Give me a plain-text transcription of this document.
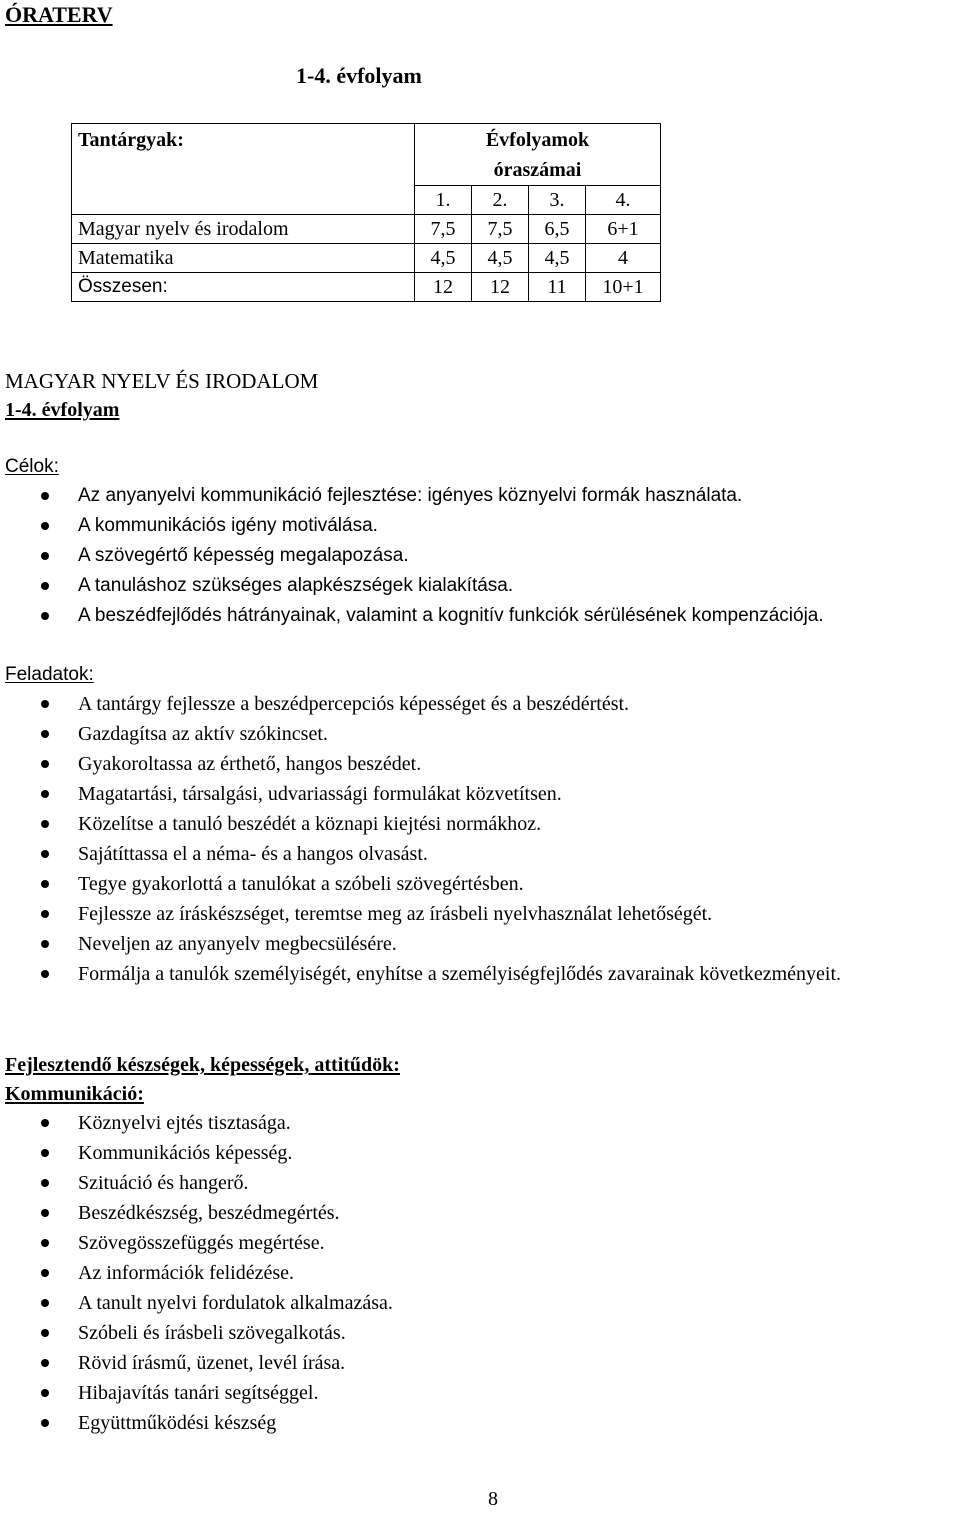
ÓRATERV
1-4. évfolyam
Tantárgyak:	Évfolyamok óraszámai			

	1.	2.	3.	4.
Magyar nyelv és irodalom	7,5	7,5	6,5	6+1
Matematika	4,5	4,5	4,5	4
Összesen:	12	12	11	10+1
MAGYAR NYELV ÉS IRODALOM
1-4. évfolyam
Célok:
Az anyanyelvi kommunikáció fejlesztése: igényes köznyelvi formák használata.
A kommunikációs igény motiválása.
A szövegértő képesség megalapozása.
A tanuláshoz szükséges alapkészségek kialakítása.
A beszédfejlődés hátrányainak, valamint a kognitív funkciók sérülésének kompenzációja.
Feladatok:
A tantárgy fejlessze a beszédpercepciós képességet és a beszédértést.
Gazdagítsa az aktív szókincset.
Gyakoroltassa az érthető, hangos beszédet.
Magatartási, társalgási, udvariassági formulákat közvetítsen.
Közelítse a tanuló beszédét a köznapi kiejtési normákhoz.
Sajátíttassa el a néma- és a hangos olvasást.
Tegye gyakorlottá a tanulókat a szóbeli szövegértésben.
Fejlessze az íráskészséget, teremtse meg az írásbeli nyelvhasználat lehetőségét.
Neveljen az anyanyelv megbecsülésére.
Formálja a tanulók személyiségét, enyhítse a személyiségfejlődés zavarainak következményeit.
Fejlesztendő készségek, képességek, attitűdök:
Kommunikáció:
Köznyelvi ejtés tisztasága.
Kommunikációs képesség.
Szituáció és hangerő.
Beszédkészség, beszédmegértés.
Szövegösszefüggés megértése.
Az információk felidézése.
A tanult nyelvi fordulatok alkalmazása.
Szóbeli és írásbeli szövegalkotás.
Rövid írásmű, üzenet, levél írása.
Hibajavítás tanári segítséggel.
Együttműködési készség
8
